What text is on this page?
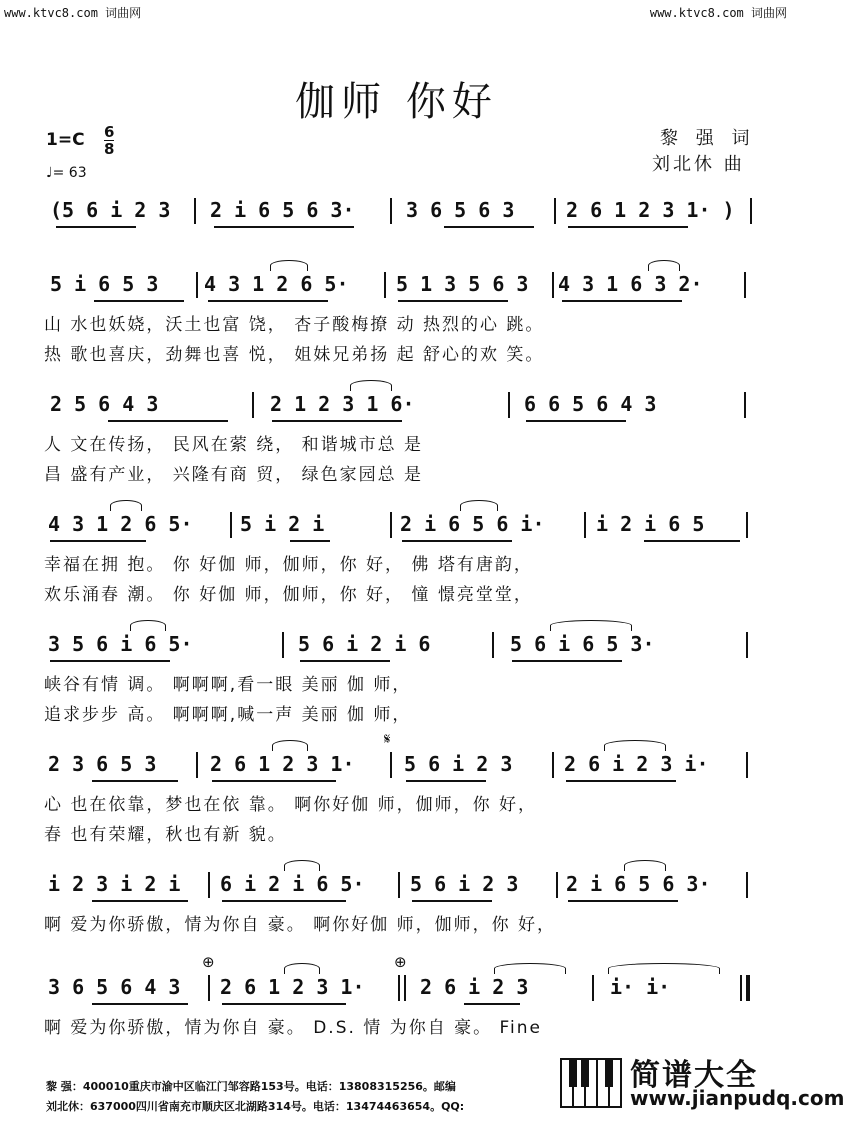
www.ktvc8.com 词曲网	www.ktvc8.com 词曲网
伽师 你好
1=C 6
8
♩= 63
黎 强 词
刘北休 曲
(5 6 i 2 3 2 i 6 5 6 3·	3 6 5 6 3	2 6 1 2 3 1· )
5 i 6 5 3 4 3 1 2 6 5· 5 1 3 5 6 3 4 3 1 6 3 2·
山 水也妖娆，沃土也富 饶， 杏子酸梅撩 动 热烈的心 跳。
热 歌也喜庆，劲舞也喜 悦， 姐妹兄弟扬 起 舒心的欢 笑。
2 5 6 4 3	2 1 2 3 1 6·	6 6 5 6 4 3
人 文在传扬， 民风在萦 绕， 和谐城市总 是
昌 盛有产业， 兴隆有商 贸， 绿色家园总 是
4 3 1 2 6 5· 5 i 2 i	2 i 6 5 6 i·	i 2 i 6 5
幸福在拥 抱。 你 好伽 师，伽师，你 好， 佛 塔有唐韵，
欢乐涌春 潮。 你 好伽 师，伽师，你 好， 憧 憬亮堂堂，
3 5 6 i 6 5·	5 6 i 2 i 6	5 6 i 6 5 3·
峡谷有情 调。 啊啊啊,看一眼 美丽 伽 师，
追求步步 高。 啊啊啊,喊一声 美丽 伽 师，
𝄋
2 3 6 5 3	2 6 1 2 3 1· 5 6 i 2 3	2 6 i 2 3 i·
心 也在依靠，梦也在依 靠。 啊你好伽 师，伽师，你 好，
春 也有荣耀，秋也有新 貌。
i 2 3 i 2 i 6 i 2 i 6 5· 5 6 i 2 3 2 i 6 5 6 3·
啊 爱为你骄傲，情为你自 豪。 啊你好伽 师，伽师，你 好，
⊕	⊕
3 6 5 6 4 3 2 6 1 2 3 1·	2 6 i 2 3	i· i·
啊 爱为你骄傲，情为你自 豪。 D.S. 情 为你自 豪。 Fine
黎 强：400010重庆市渝中区临江门邹容路153号。电话：13808315256。邮编
刘北休：637000四川省南充市顺庆区北湖路314号。电话：13474463654。QQ:
简谱大全
www.jianpudq.com
